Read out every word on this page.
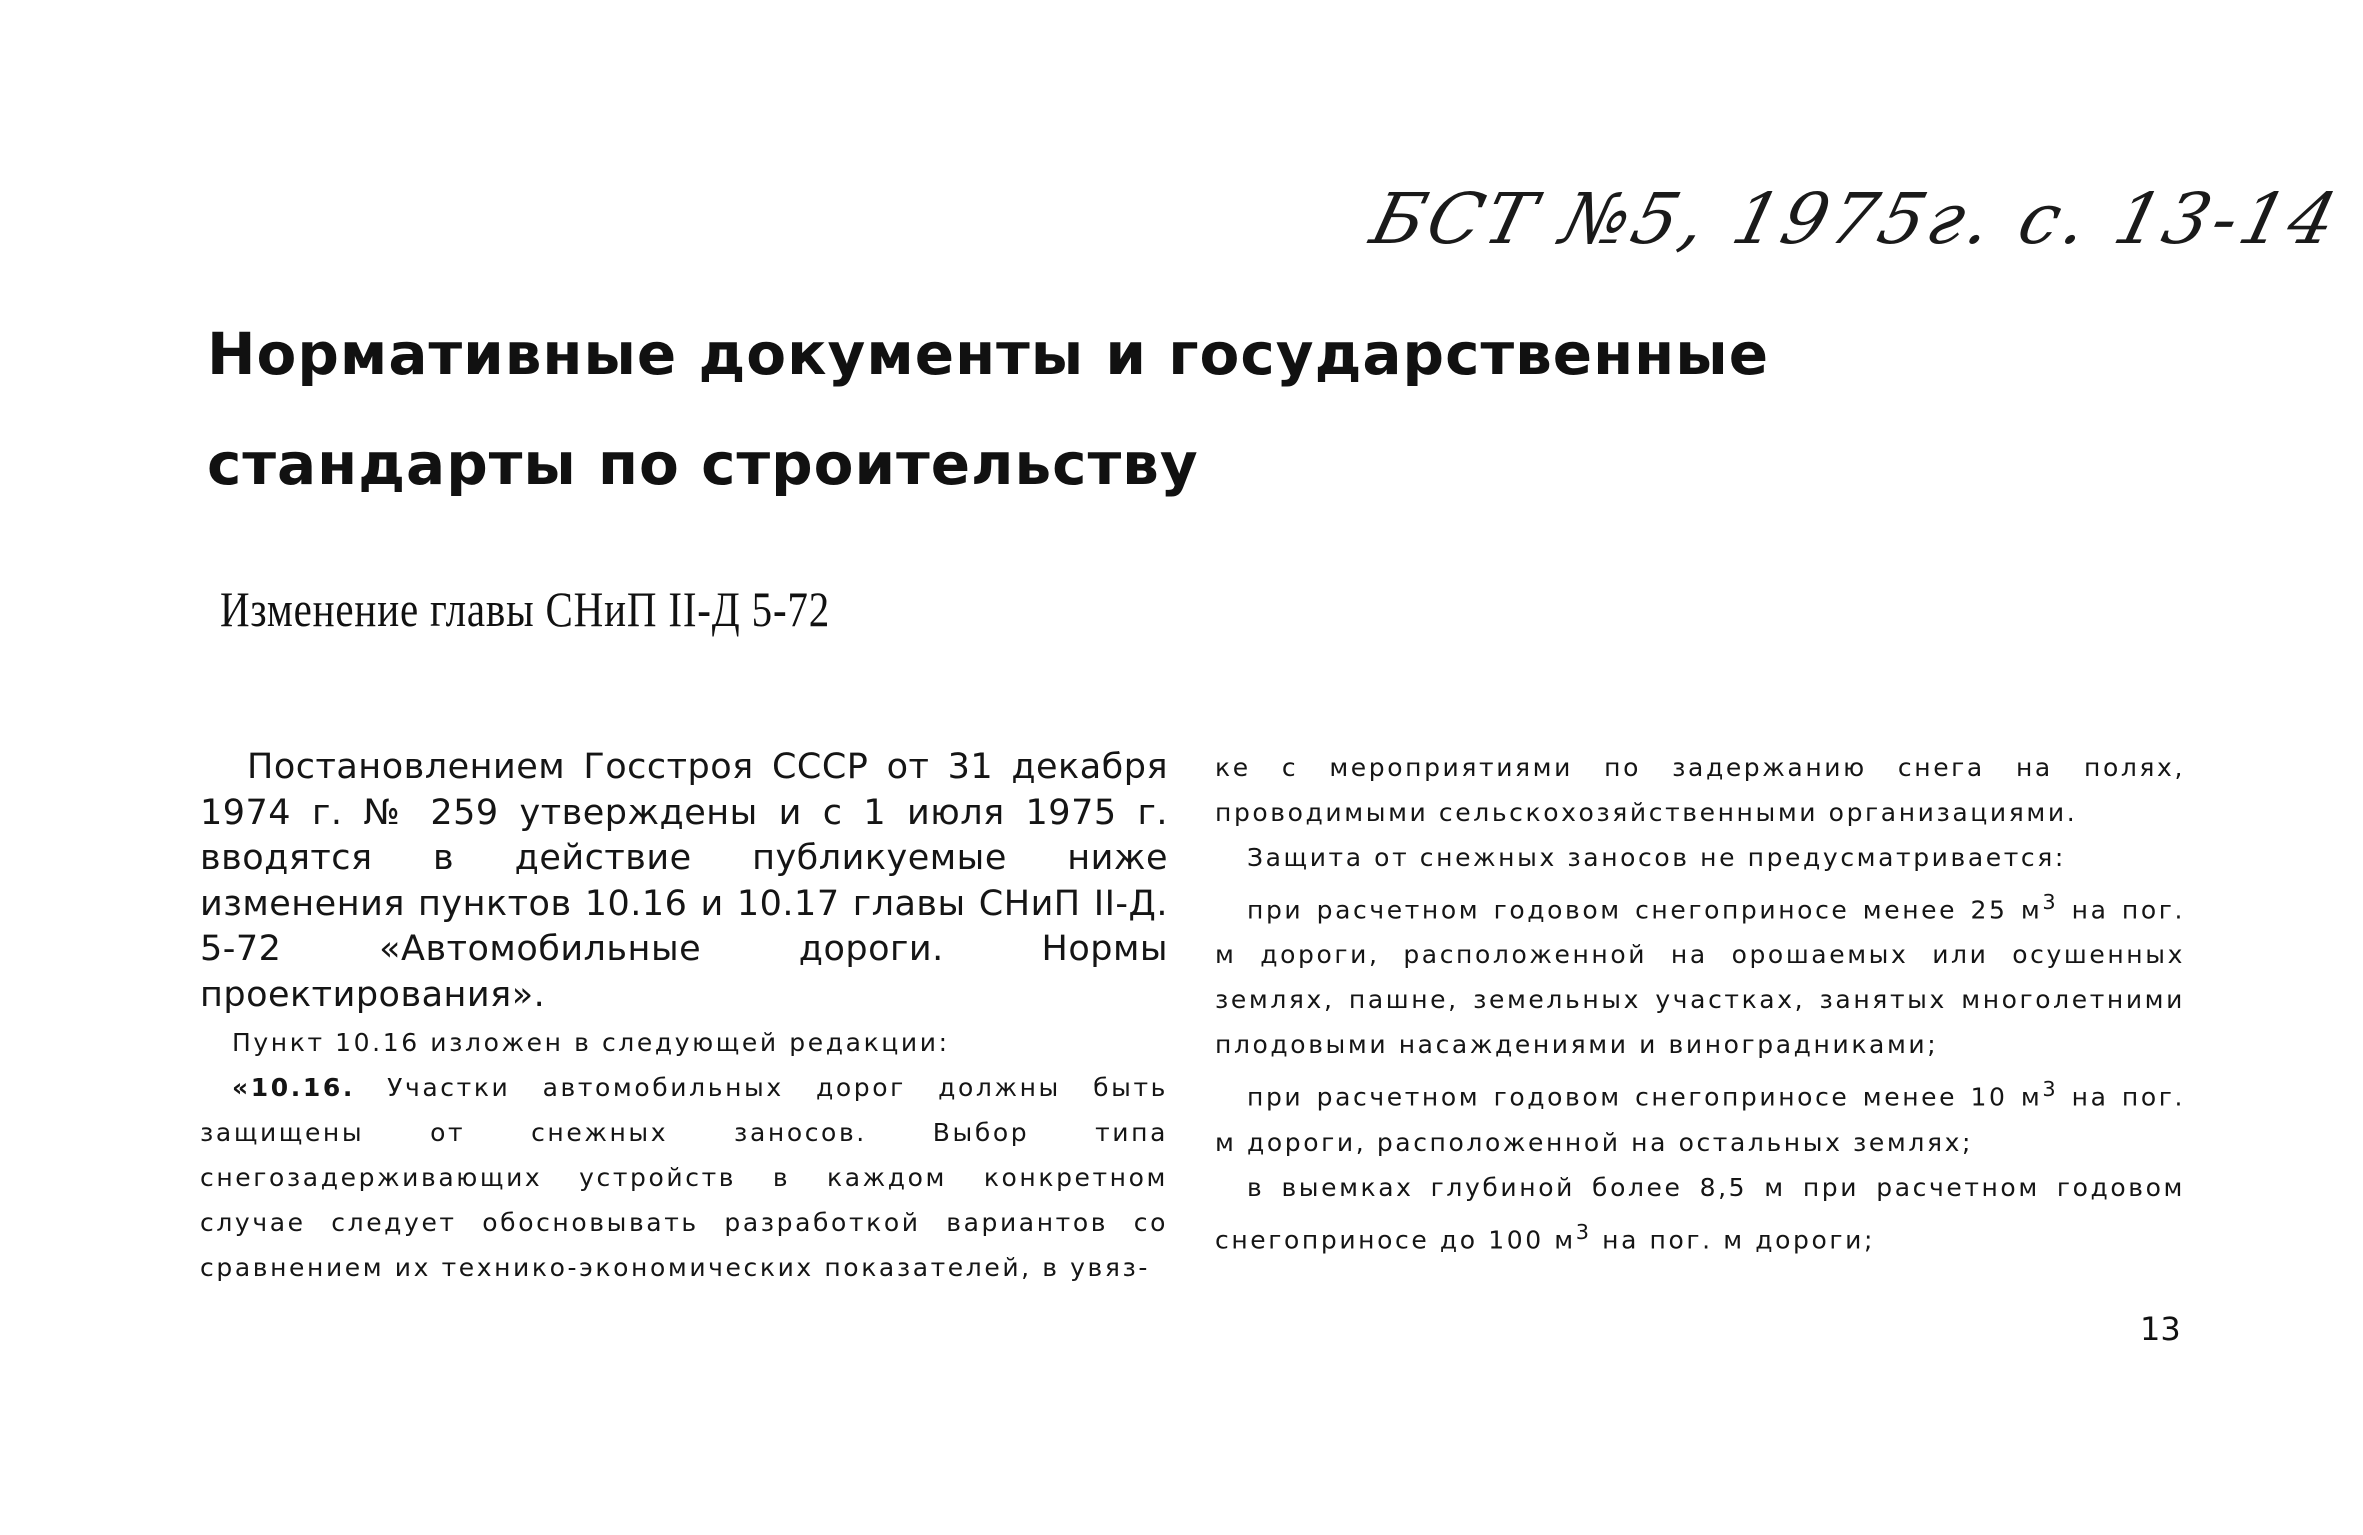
БСТ №5, 1975г. с. 13-14
Нормативные документы и государственные
стандарты по строительству
Изменение главы СНиП II-Д 5-72

Постановлением Госстроя СССР от 31 декабря 1974 г. № 259 утверждены и с 1 июля 1975 г. вводятся в действие публикуемые ниже изменения пунктов 10.16 и 10.17 главы СНиП II-Д. 5-72 «Автомобильные дороги. Нормы проектирования».

Пункт 10.16 изложен в следующей редакции:

«10.16. Участки автомобильных дорог должны быть защищены от снежных заносов. Выбор типа снегозадерживающих устройств в каждом конкретном случае следует обосновывать разработкой вариантов со сравнением их технико-экономических показателей, в увяз-

ке с мероприятиями по задержанию снега на полях, проводимыми сельскохозяйственными организациями.

Защита от снежных заносов не предусматривается:

при расчетном годовом снегоприносе менее 25 $м^3$ на пог. м дороги, расположенной на орошаемых или осушенных землях, пашне, земельных участках, занятых многолетними плодовыми насаждениями и виноградниками;

при расчетном годовом снегоприносе менее 10 $м^3$ на пог. м дороги, расположенной на остальных землях;

в выемках глубиной более 8,5 м при расчетном годовом снегоприносе до 100 $м^3$ на пог. м дороги;

13
